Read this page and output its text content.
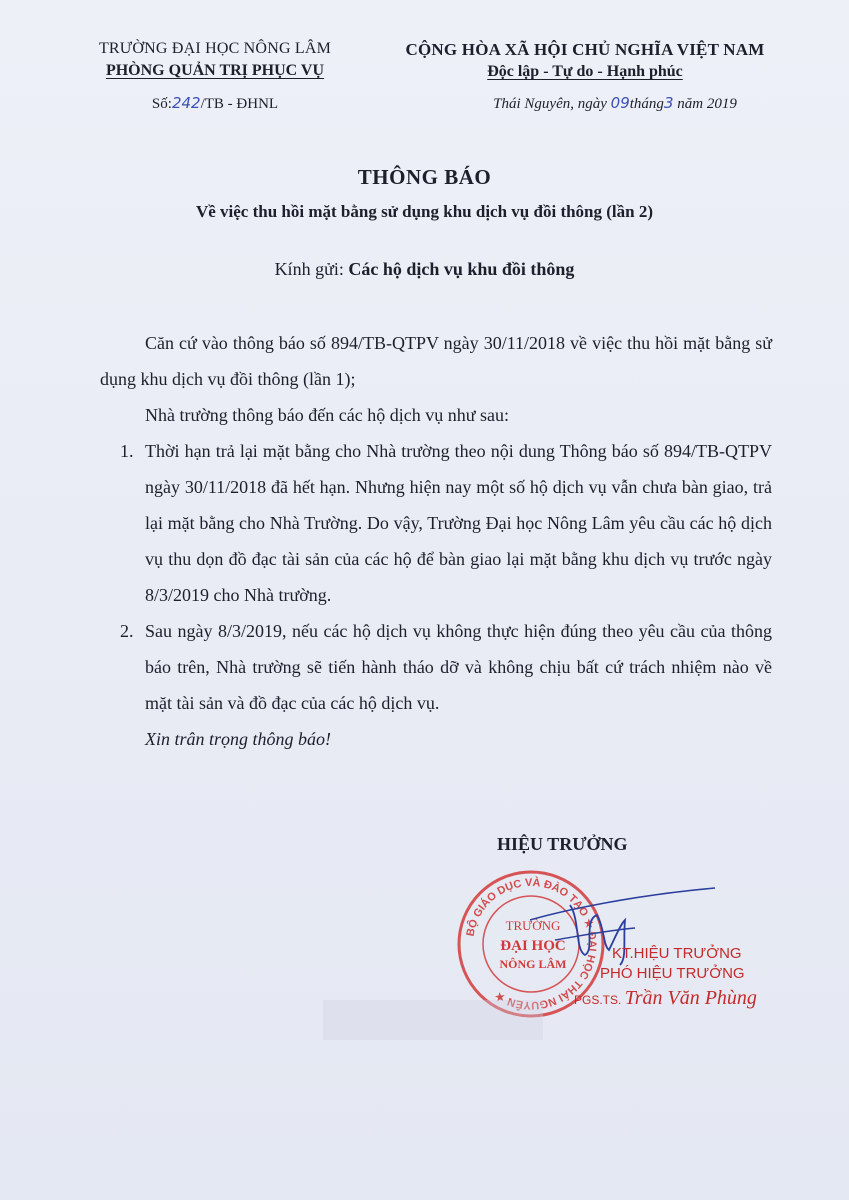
TRƯỜNG ĐẠI HỌC NÔNG LÂM
PHÒNG QUẢN TRỊ PHỤC VỤ
Số:242/TB - ĐHNL
CỘNG HÒA XÃ HỘI CHỦ NGHĨA VIỆT NAM
Độc lập - Tự do - Hạnh phúc
Thái Nguyên, ngày 09tháng3 năm 2019
THÔNG BÁO
Về việc thu hồi mặt bằng sử dụng khu dịch vụ đồi thông (lần 2)
Kính gửi: Các hộ dịch vụ khu đồi thông

Căn cứ vào thông báo số 894/TB-QTPV ngày 30/11/2018 về việc thu hồi mặt bằng sử dụng khu dịch vụ đồi thông (lần 1);

Nhà trường thông báo đến các hộ dịch vụ như sau:

1. Thời hạn trả lại mặt bằng cho Nhà trường theo nội dung Thông báo số 894/TB-QTPV ngày 30/11/2018 đã hết hạn. Nhưng hiện nay một số hộ dịch vụ vẫn chưa bàn giao, trả lại mặt bằng cho Nhà Trường. Do vậy, Trường Đại học Nông Lâm yêu cầu các hộ dịch vụ thu dọn đồ đạc tài sản của các hộ để bàn giao lại mặt bằng khu dịch vụ trước ngày 8/3/2019 cho Nhà trường.
2. Sau ngày 8/3/2019, nếu các hộ dịch vụ không thực hiện đúng theo yêu cầu của thông báo trên, Nhà trường sẽ tiến hành tháo dỡ và không chịu bất cứ trách nhiệm nào về mặt tài sản và đồ đạc của các hộ dịch vụ.

Xin trân trọng thông báo!

HIỆU TRƯỞNG
BỘ GIÁO DỤC VÀ ĐÀO TẠO ★ ĐẠI HỌC THÁI NGUYÊN ★
TRƯỜNG
ĐẠI HỌC
NÔNG LÂM
KT.HIỆU TRƯỞNG
PHÓ HIỆU TRƯỞNG
PGS.TS. Trần Văn Phùng
